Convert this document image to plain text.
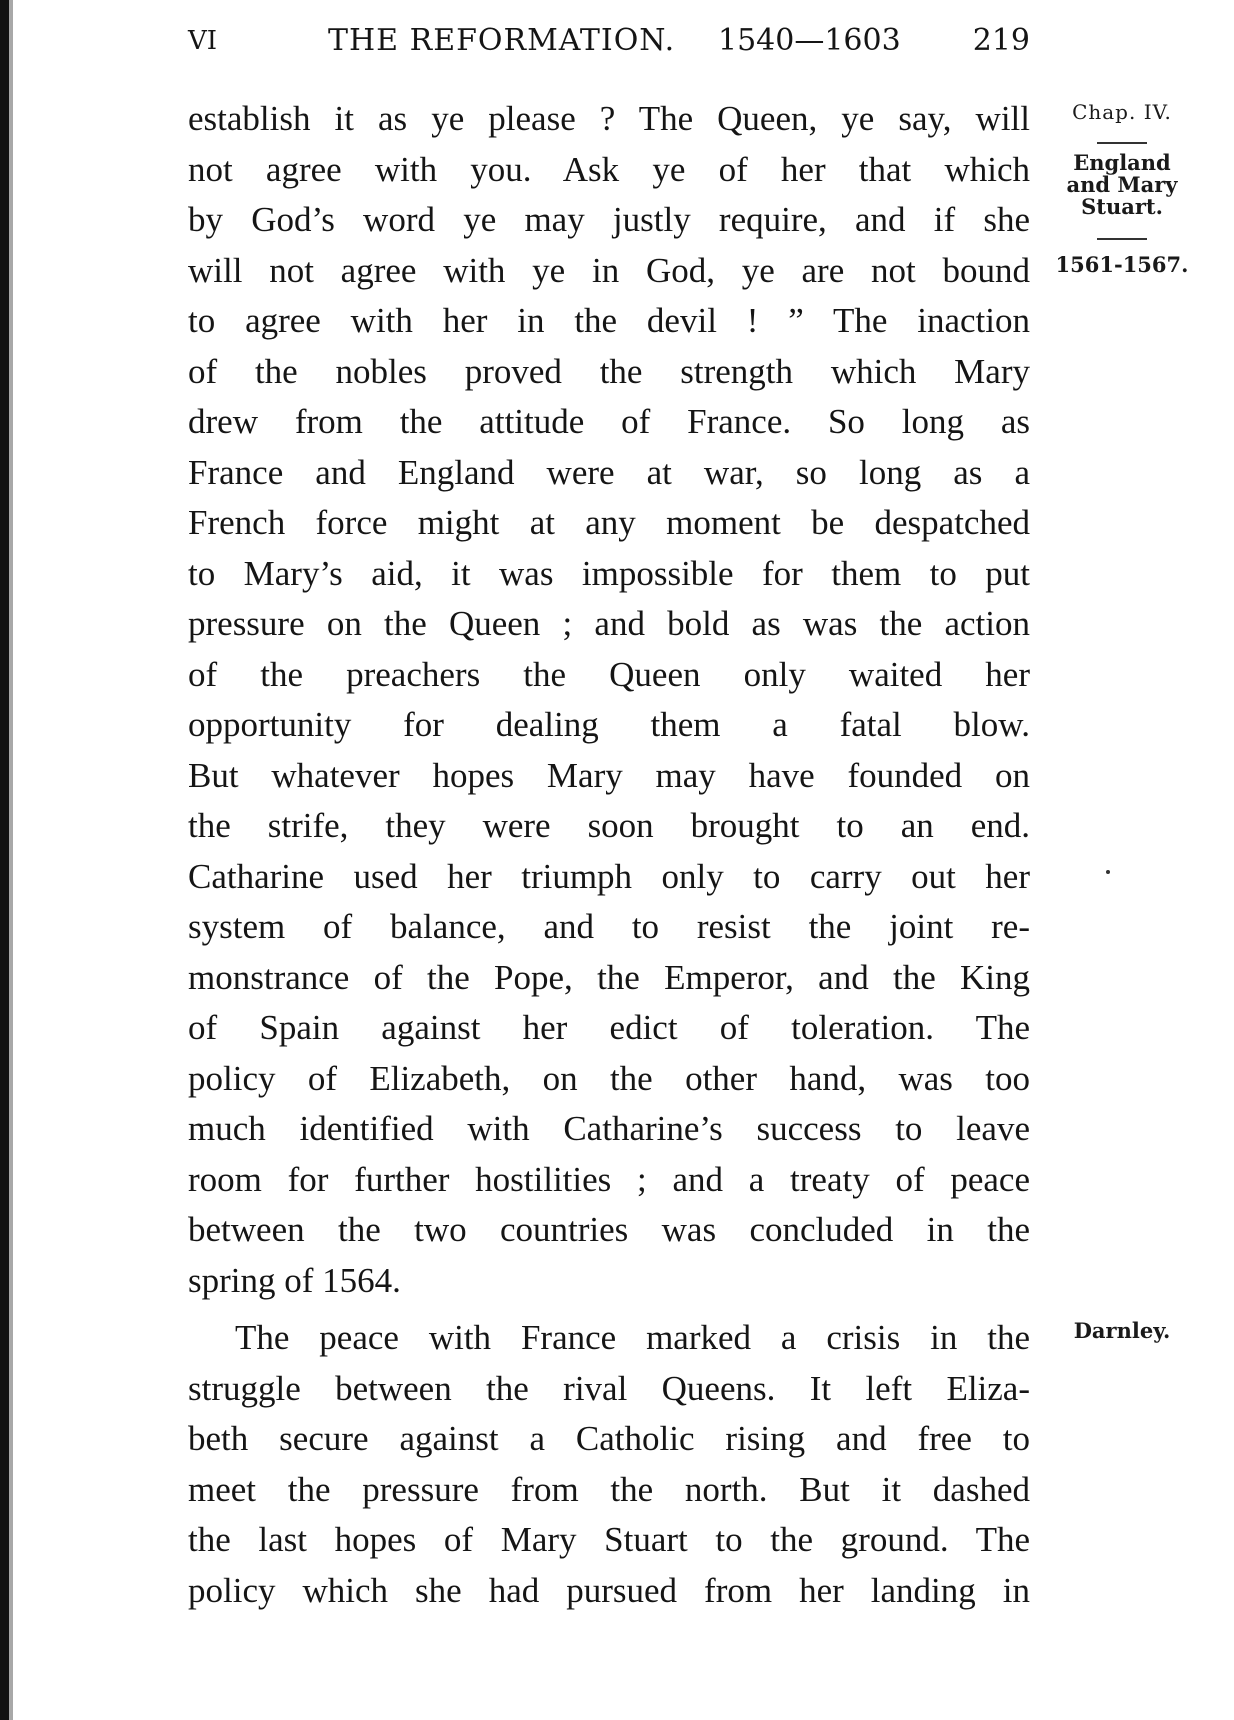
VI	THE REFORMATION. 1540—1603 219
establish it as ye please ? The Queen, ye say, will
not agree with you. Ask ye of her that which
by God’s word ye may justly require, and if she
will not agree with ye in God, ye are not bound
to agree with her in the devil ! ” The inaction
of the nobles proved the strength which Mary
drew from the attitude of France. So long as
France and England were at war, so long as a
French force might at any moment be despatched
to Mary’s aid, it was impossible for them to put
pressure on the Queen ; and bold as was the action
of the preachers the Queen only waited her
opportunity for dealing them a fatal blow.
But whatever hopes Mary may have founded on
the strife, they were soon brought to an end.
Catharine used her triumph only to carry out her
system of balance, and to resist the joint re-
monstrance of the Pope, the Emperor, and the King
of Spain against her edict of toleration. The
policy of Elizabeth, on the other hand, was too
much identified with Catharine’s success to leave
room for further hostilities ; and a treaty of peace
between the two countries was concluded in the
spring of 1564.
The peace with France marked a crisis in the
struggle between the rival Queens. It left Eliza-
beth secure against a Catholic rising and free to
meet the pressure from the north. But it dashed
the last hopes of Mary Stuart to the ground. The
policy which she had pursued from her landing in
Chap. IV.
England
and Mary
Stuart.
1561-1567.
Darnley.
